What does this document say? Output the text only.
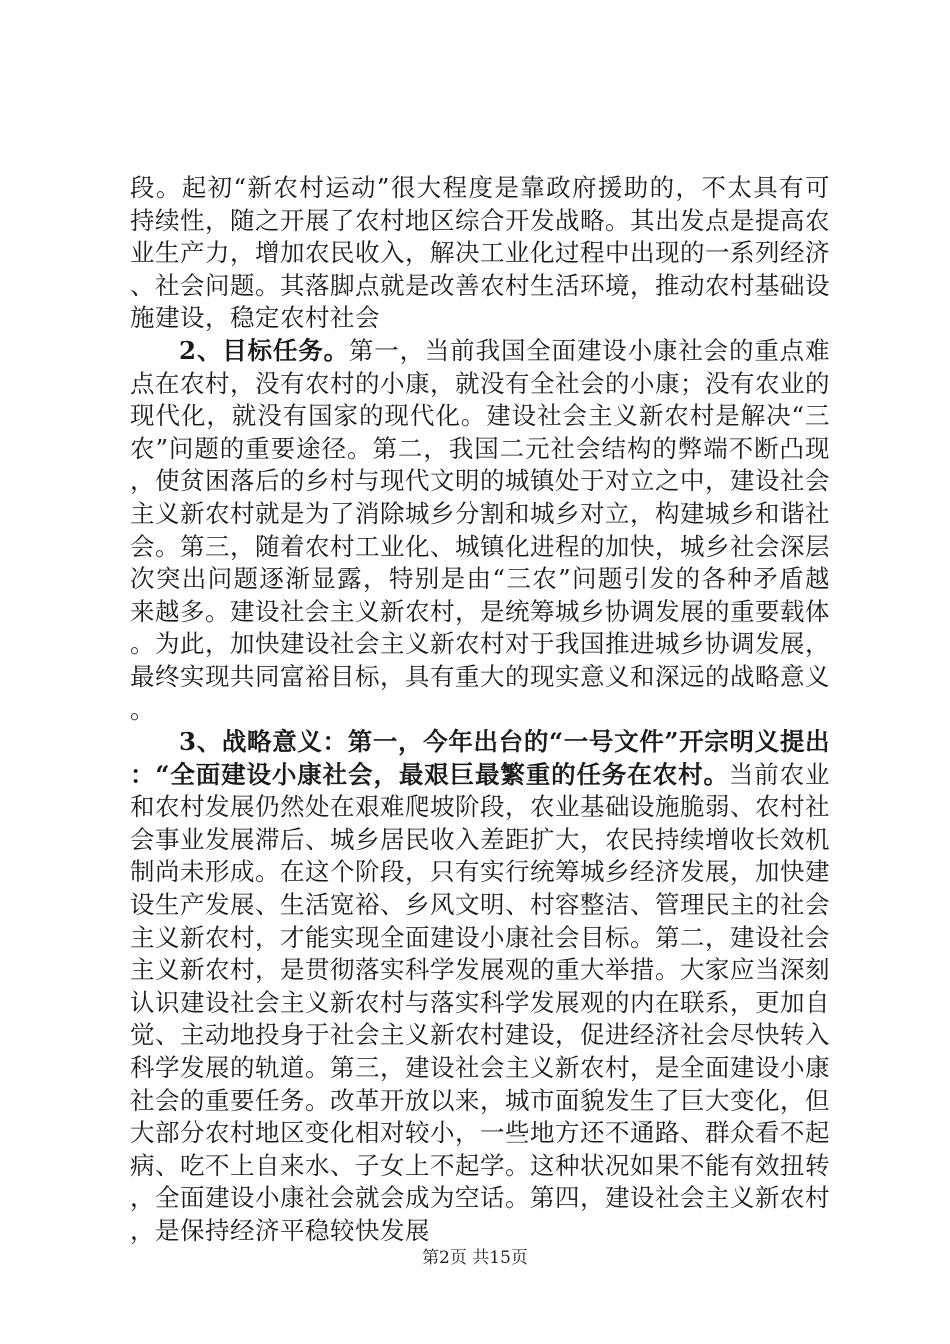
段。起初“新农村运动”很大程度是靠政府援助的，不太具有可持续性，随之开展了农村地区综合开发战略。其出发点是提高农业生产力，增加农民收入，解决工业化过程中出现的一系列经济、社会问题。其落脚点就是改善农村生活环境，推动农村基础设施建设，稳定农村社会

2、目标任务。第一，当前我国全面建设小康社会的重点难点在农村，没有农村的小康，就没有全社会的小康；没有农业的现代化，就没有国家的现代化。建设社会主义新农村是解决“三农”问题的重要途径。第二，我国二元社会结构的弊端不断凸现，使贫困落后的乡村与现代文明的城镇处于对立之中，建设社会主义新农村就是为了消除城乡分割和城乡对立，构建城乡和谐社会。第三，随着农村工业化、城镇化进程的加快，城乡社会深层次突出问题逐渐显露，特别是由“三农”问题引发的各种矛盾越来越多。建设社会主义新农村，是统筹城乡协调发展的重要载体。为此，加快建设社会主义新农村对于我国推进城乡协调发展，最终实现共同富裕目标，具有重大的现实意义和深远的战略意义。

3、战略意义：第一，今年出台的“一号文件”开宗明义提出：“全面建设小康社会，最艰巨最繁重的任务在农村。当前农业和农村发展仍然处在艰难爬坡阶段，农业基础设施脆弱、农村社会事业发展滞后、城乡居民收入差距扩大，农民持续增收长效机制尚未形成。在这个阶段，只有实行统筹城乡经济发展，加快建设生产发展、生活宽裕、乡风文明、村容整洁、管理民主的社会主义新农村，才能实现全面建设小康社会目标。第二，建设社会主义新农村，是贯彻落实科学发展观的重大举措。大家应当深刻认识建设社会主义新农村与落实科学发展观的内在联系，更加自觉、主动地投身于社会主义新农村建设，促进经济社会尽快转入科学发展的轨道。第三，建设社会主义新农村，是全面建设小康社会的重要任务。改革开放以来，城市面貌发生了巨大变化，但大部分农村地区变化相对较小，一些地方还不通路、群众看不起病、吃不上自来水、子女上不起学。这种状况如果不能有效扭转，全面建设小康社会就会成为空话。第四，建设社会主义新农村，是保持经济平稳较快发展

第2页 共15页
